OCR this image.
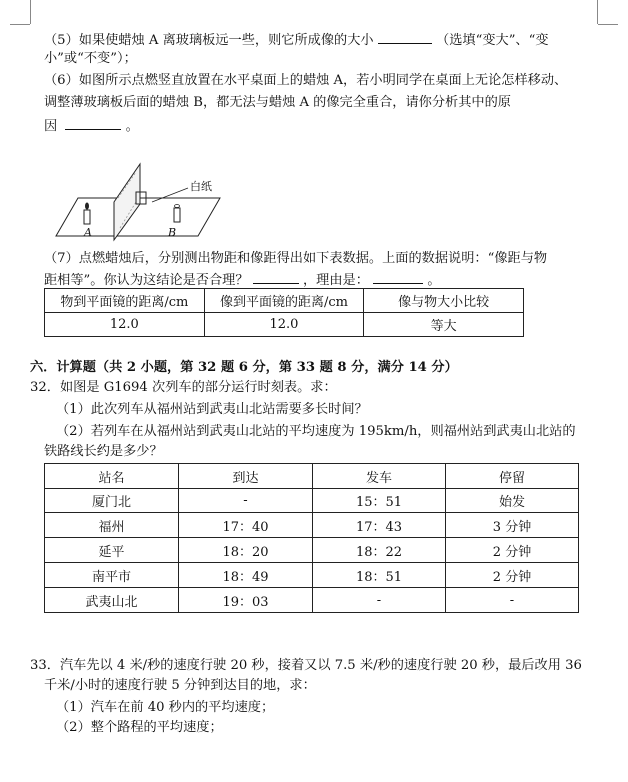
（5）如果使蜡烛 A 离玻璃板远一些，则它所成像的大小	（选填“变大”、“变
小”或“不变”）；
（6）如图所示点燃竖直放置在水平桌面上的蜡烛 A，若小明同学在桌面上无论怎样移动、
调整薄玻璃板后面的蜡烛 B，都无法与蜡烛 A 的像完全重合，请你分析其中的原
因	。
白纸
A	B
（7）点燃蜡烛后，分别测出物距和像距得出如下表数据。上面的数据说明：“像距与物
距相等”。你认为这结论是否合理？	，理由是：	。
物到平面镜的距离/cm	像到平面镜的距离/cm	像与物大小比较
12.0	12.0	等大
六．计算题（共 2 小题，第 32 题 6 分，第 33 题 8 分，满分 14 分）
32．如图是 G1694 次列车的部分运行时刻表。求：
（1）此次列车从福州站到武夷山北站需要多长时间？
（2）若列车在从福州站到武夷山北站的平均速度为 195km/h，则福州站到武夷山北站的
铁路线长约是多少？
站名	到达	发车	停留
厦门北	-	15：51	始发
福州	17：40	17：43	3 分钟
延平	18：20	18：22	2 分钟
南平市	18：49	18：51	2 分钟
武夷山北	19：03	-	-
33．汽车先以 4 米/秒的速度行驶 20 秒，接着又以 7.5 米/秒的速度行驶 20 秒，最后改用 36
千米/小时的速度行驶 5 分钟到达目的地，求：
（1）汽车在前 40 秒内的平均速度；
（2）整个路程的平均速度；
